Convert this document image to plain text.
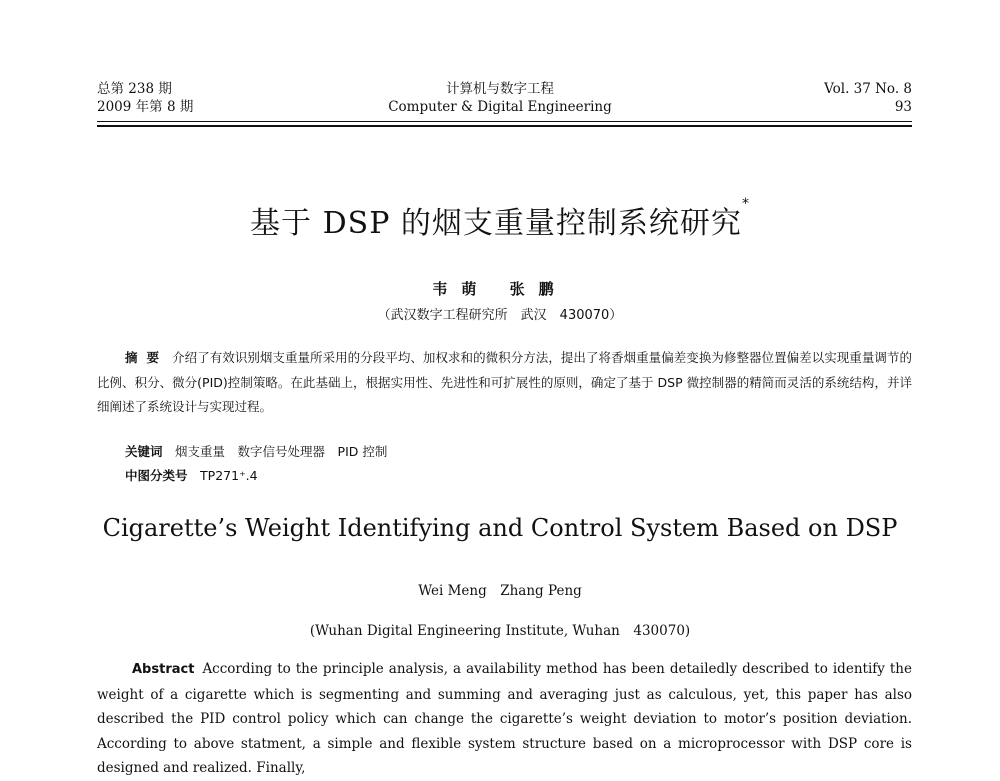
总第 238 期
2009 年第 8 期
计算机与数字工程
Computer & Digital Engineering
Vol. 37 No. 8
93
基于 DSP 的烟支重量控制系统研究*
韦萌 张鹏
（武汉数字工程研究所　武汉　430070）
摘要 介绍了有效识别烟支重量所采用的分段平均、加权求和的微积分方法，提出了将香烟重量偏差变换为修整器位置偏差以实现重量调节的比例、积分、微分(PID)控制策略。在此基础上，根据实用性、先进性和可扩展性的原则，确定了基于 DSP 微控制器的精简而灵活的系统结构，并详细阐述了系统设计与实现过程。
关键词　 烟支重量　数字信号处理器　PID 控制
中图分类号　 TP271⁺.4
Cigarette’s Weight Identifying and Control System Based on DSP
Wei Meng　Zhang Peng
(Wuhan Digital Engineering Institute, Wuhan　430070)
Abstract According to the principle analysis, a availability method has been detailedly described to identify the weight of a cigarette which is segmenting and summing and averaging just as calculous, yet, this paper has also described the PID control policy which can change the cigarette’s weight deviation to motor’s position deviation. According to above statment, a simple and flexible system structure based on a microprocessor with DSP core is designed and realized. Finally,
